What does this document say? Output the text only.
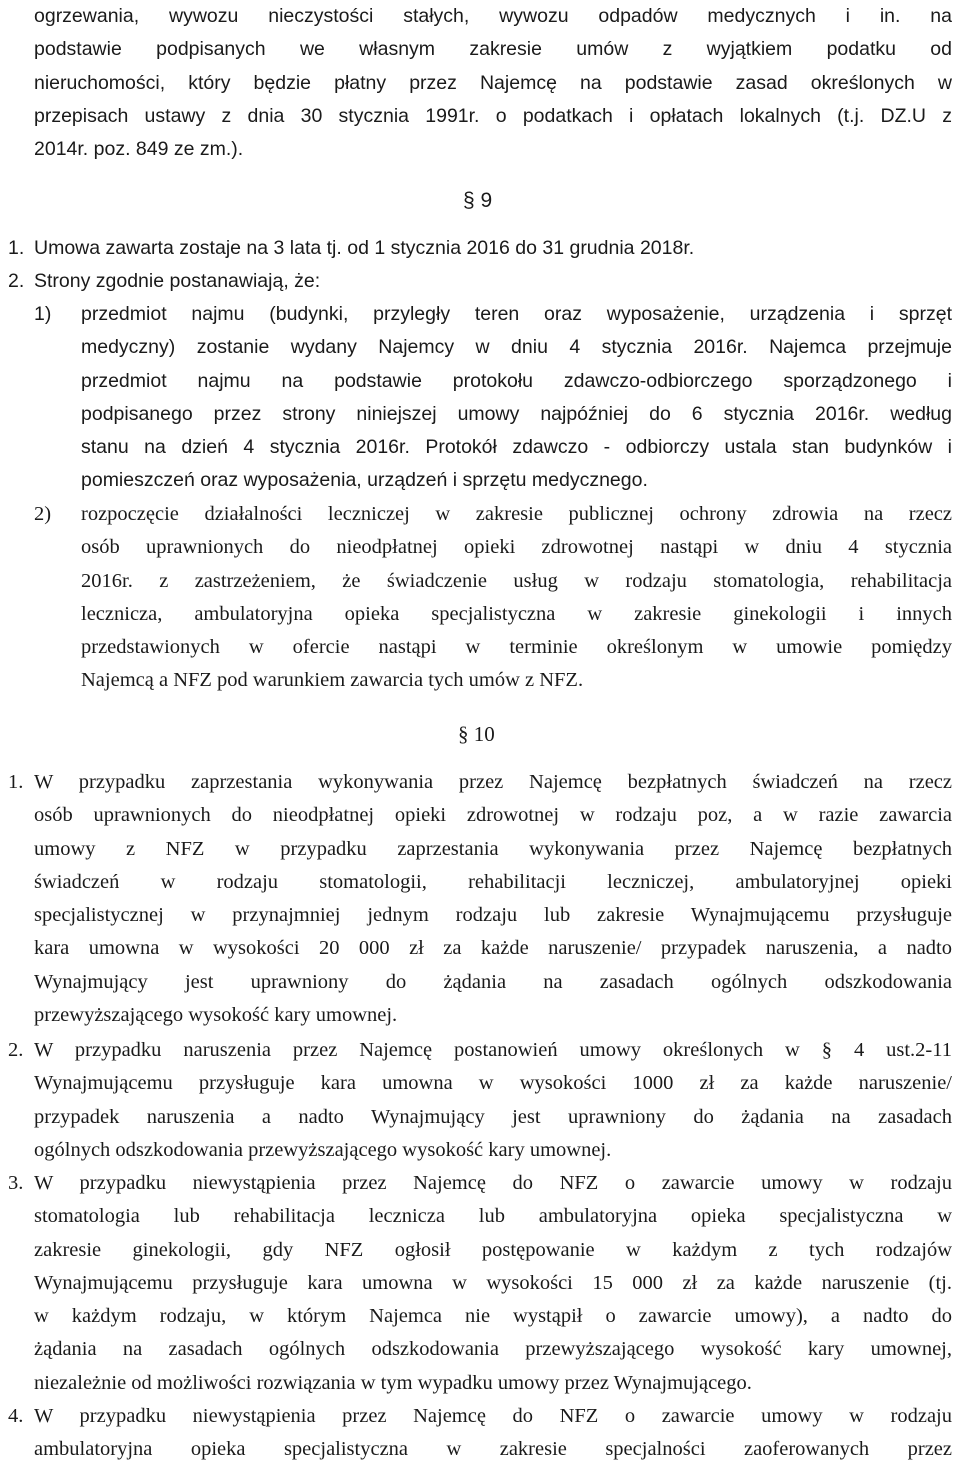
ogrzewania, wywozu nieczystości stałych, wywozu odpadów medycznych i in. na
podstawie podpisanych we własnym zakresie umów z wyjątkiem podatku od
nieruchomości, który będzie płatny przez Najemcę na podstawie zasad określonych w
przepisach ustawy z dnia 30 stycznia 1991r. o podatkach i opłatach lokalnych (t.j. DZ.U z
2014r. poz. 849 ze zm.).
§ 9
1. Umowa zawarta zostaje na 3 lata tj. od 1 stycznia 2016 do 31 grudnia 2018r.
2. Strony zgodnie postanawiają, że:
1) przedmiot najmu (budynki, przyległy teren oraz wyposażenie, urządzenia i sprzęt
medyczny) zostanie wydany Najemcy w dniu 4 stycznia 2016r. Najemca przejmuje
przedmiot najmu na podstawie protokołu zdawczo-odbiorczego sporządzonego i
podpisanego przez strony niniejszej umowy najpóźniej do 6 stycznia 2016r. według
stanu na dzień 4 stycznia 2016r. Protokół zdawczo - odbiorczy ustala stan budynków i
pomieszczeń oraz wyposażenia, urządzeń i sprzętu medycznego.
2) rozpoczęcie działalności leczniczej w zakresie publicznej ochrony zdrowia na rzecz
osób uprawnionych do nieodpłatnej opieki zdrowotnej nastąpi w dniu 4 stycznia
2016r. z zastrzeżeniem, że świadczenie usług w rodzaju stomatologia, rehabilitacja
lecznicza, ambulatoryjna opieka specjalistyczna w zakresie ginekologii i innych
przedstawionych w ofercie nastąpi w terminie określonym w umowie pomiędzy
Najemcą a NFZ pod warunkiem zawarcia tych umów z NFZ.
§ 10
1. W przypadku zaprzestania wykonywania przez Najemcę bezpłatnych świadczeń na rzecz
osób uprawnionych do nieodpłatnej opieki zdrowotnej w rodzaju poz, a w razie zawarcia
umowy z NFZ w przypadku zaprzestania wykonywania przez Najemcę bezpłatnych
świadczeń w rodzaju stomatologii, rehabilitacji leczniczej, ambulatoryjnej opieki
specjalistycznej w przynajmniej jednym rodzaju lub zakresie Wynajmującemu przysługuje
kara umowna w wysokości 20 000 zł za każde naruszenie/ przypadek naruszenia, a nadto
Wynajmujący jest uprawniony do żądania na zasadach ogólnych odszkodowania
przewyższającego wysokość kary umownej.
2. W przypadku naruszenia przez Najemcę postanowień umowy określonych w § 4 ust.2-11
Wynajmującemu przysługuje kara umowna w wysokości 1000 zł za każde naruszenie/
przypadek naruszenia a nadto Wynajmujący jest uprawniony do żądania na zasadach
ogólnych odszkodowania przewyższającego wysokość kary umownej.
3. W przypadku niewystąpienia przez Najemcę do NFZ o zawarcie umowy w rodzaju
stomatologia lub rehabilitacja lecznicza lub ambulatoryjna opieka specjalistyczna w
zakresie ginekologii, gdy NFZ ogłosił postępowanie w każdym z tych rodzajów
Wynajmującemu przysługuje kara umowna w wysokości 15 000 zł za każde naruszenie (tj.
w każdym rodzaju, w którym Najemca nie wystąpił o zawarcie umowy), a nadto do
żądania na zasadach ogólnych odszkodowania przewyższającego wysokość kary umownej,
niezależnie od możliwości rozwiązania w tym wypadku umowy przez Wynajmującego.
4. W przypadku niewystąpienia przez Najemcę do NFZ o zawarcie umowy w rodzaju
ambulatoryjna opieka specjalistyczna w zakresie specjalności zaoferowanych przez
